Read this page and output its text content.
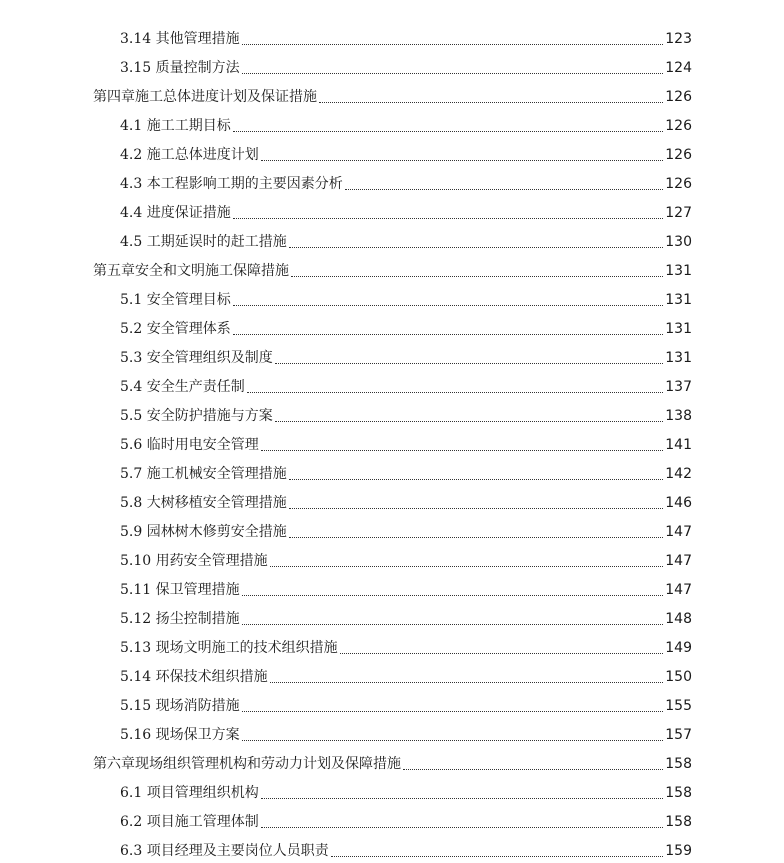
3.14 其他管理措施	123
3.15 质量控制方法	124
第四章施工总体进度计划及保证措施	126
4.1 施工工期目标	126
4.2 施工总体进度计划	126
4.3 本工程影响工期的主要因素分析	126
4.4 进度保证措施	127
4.5 工期延误时的赶工措施	130
第五章安全和文明施工保障措施	131
5.1 安全管理目标	131
5.2 安全管理体系	131
5.3 安全管理组织及制度	131
5.4 安全生产责任制	137
5.5 安全防护措施与方案	138
5.6 临时用电安全管理	141
5.7 施工机械安全管理措施	142
5.8 大树移植安全管理措施	146
5.9 园林树木修剪安全措施	147
5.10 用药安全管理措施	147
5.11 保卫管理措施	147
5.12 扬尘控制措施	148
5.13 现场文明施工的技术组织措施	149
5.14 环保技术组织措施	150
5.15 现场消防措施	155
5.16 现场保卫方案	157
第六章现场组织管理机构和劳动力计划及保障措施	158
6.1 项目管理组织机构	158
6.2 项目施工管理体制	158
6.3 项目经理及主要岗位人员职责	159
